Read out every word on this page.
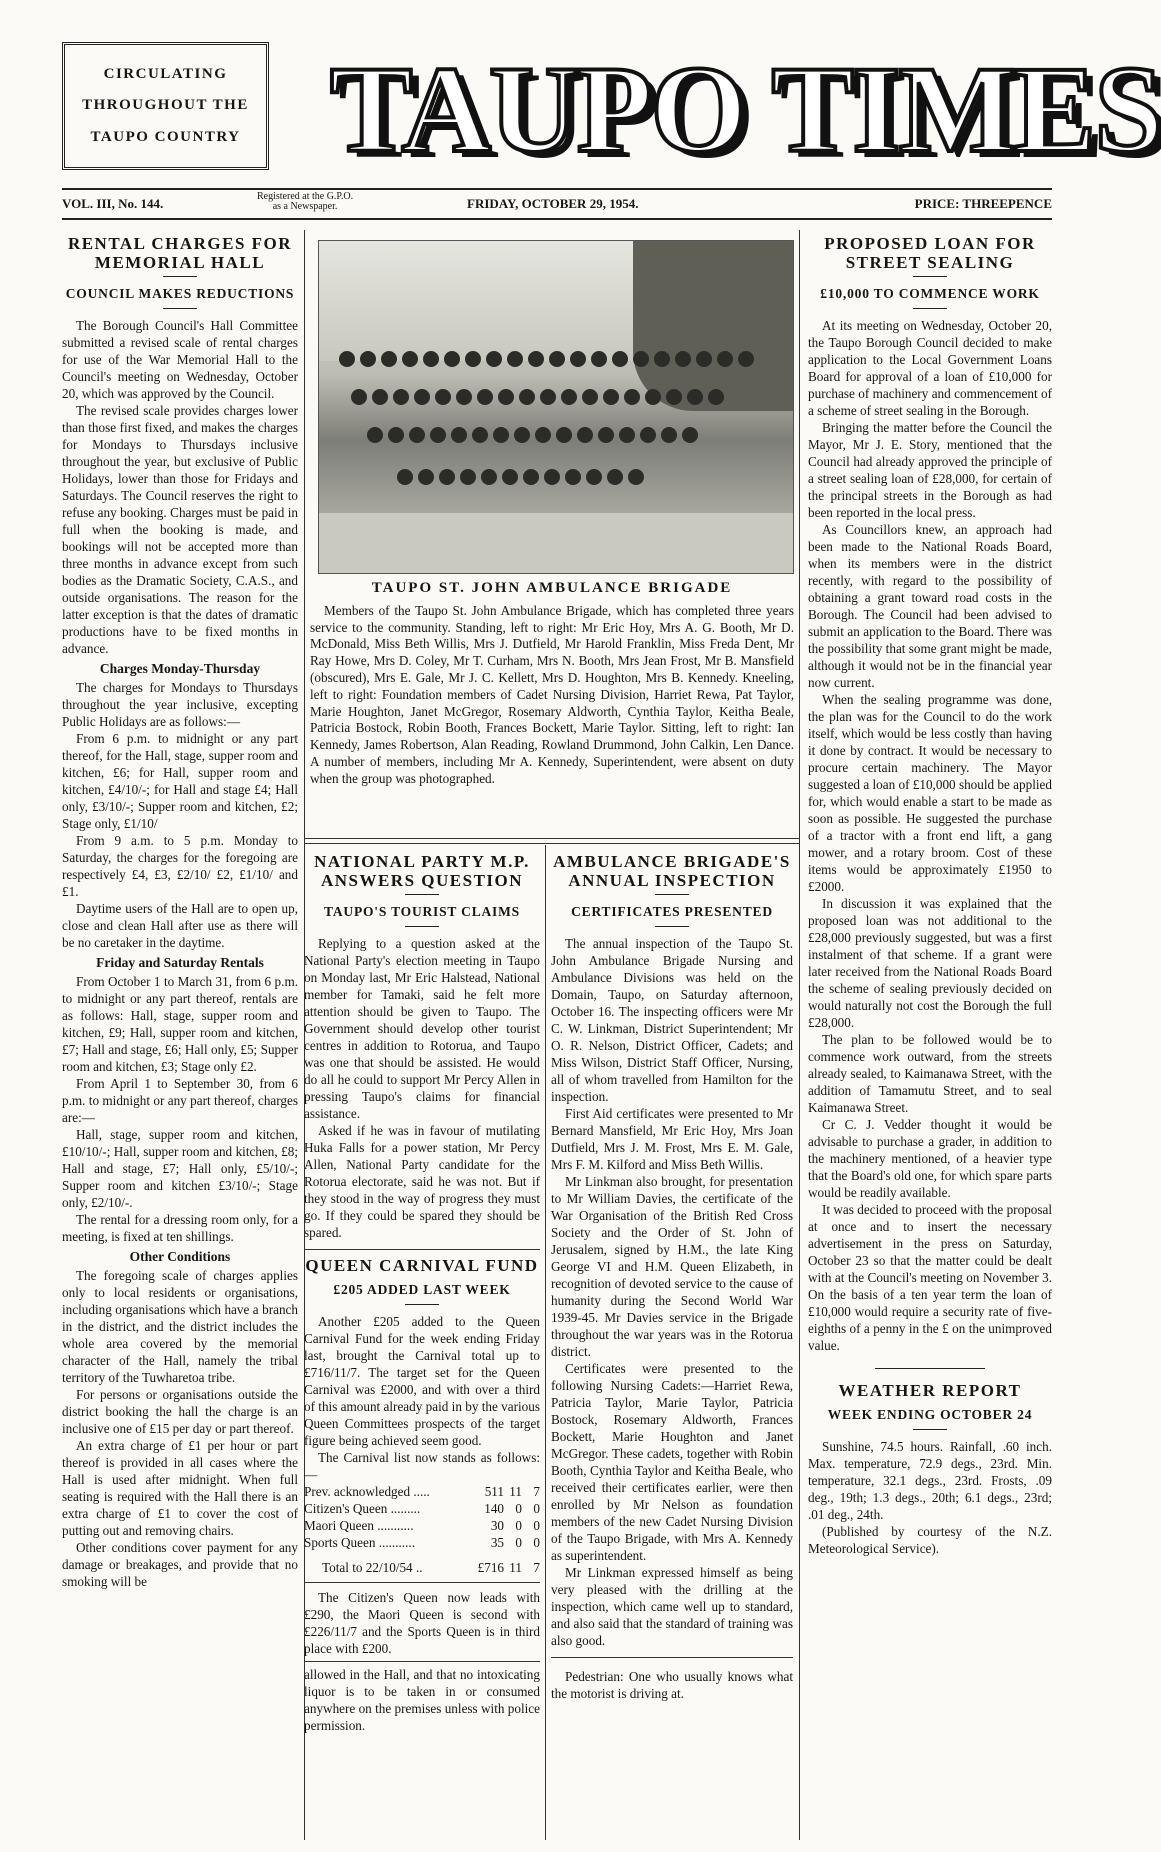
CIRCULATING
THROUGHOUT THE
TAUPO COUNTRY TAUPO TIMES
VOL. III, No. 144.	Registered at the G.P.O.
as a Newspaper.	FRIDAY, OCTOBER 29, 1954.	PRICE: THREEPENCE
RENTAL CHARGES FOR MEMORIAL HALL
COUNCIL MAKES REDUCTIONS

The Borough Council's Hall Committee submitted a revised scale of rental charges for use of the War Memorial Hall to the Council's meeting on Wednesday, October 20, which was approved by the Council.

The revised scale provides charges lower than those first fixed, and makes the charges for Mondays to Thursdays inclusive throughout the year, but exclusive of Public Holidays, lower than those for Fridays and Saturdays. The Council reserves the right to refuse any booking. Charges must be paid in full when the booking is made, and bookings will not be accepted more than three months in advance except from such bodies as the Dramatic Society, C.A.S., and outside organisations. The reason for the latter exception is that the dates of dramatic productions have to be fixed months in advance.

Charges Monday-Thursday

The charges for Mondays to Thursdays throughout the year inclusive, excepting Public Holidays are as follows:—

From 6 p.m. to midnight or any part thereof, for the Hall, stage, supper room and kitchen, £6; for Hall, supper room and kitchen, £4/10/-; for Hall and stage £4; Hall only, £3/10/-; Supper room and kitchen, £2; Stage only, £1/10/

From 9 a.m. to 5 p.m. Monday to Saturday, the charges for the foregoing are respectively £4, £3, £2/10/ £2, £1/10/ and £1.

Daytime users of the Hall are to open up, close and clean Hall after use as there will be no caretaker in the daytime.

Friday and Saturday Rentals

From October 1 to March 31, from 6 p.m. to midnight or any part thereof, rentals are as follows: Hall, stage, supper room and kitchen, £9; Hall, supper room and kitchen, £7; Hall and stage, £6; Hall only, £5; Supper room and kitchen, £3; Stage only £2.

From April 1 to September 30, from 6 p.m. to midnight or any part thereof, charges are:—

Hall, stage, supper room and kitchen, £10/10/-; Hall, supper room and kitchen, £8; Hall and stage, £7; Hall only, £5/10/-; Supper room and kitchen £3/10/-; Stage only, £2/10/-.

The rental for a dressing room only, for a meeting, is fixed at ten shillings.

Other Conditions

The foregoing scale of charges applies only to local residents or organisations, including organisations which have a branch in the district, and the district includes the whole area covered by the memorial character of the Hall, namely the tribal territory of the Tuwharetoa tribe.

For persons or organisations outside the district booking the hall the charge is an inclusive one of £15 per day or part thereof.

An extra charge of £1 per hour or part thereof is provided in all cases where the Hall is used after midnight. When full seating is required with the Hall there is an extra charge of £1 to cover the cost of putting out and removing chairs.

Other conditions cover payment for any damage or breakages, and provide that no smoking will be

TAUPO ST. JOHN AMBULANCE BRIGADE

Members of the Taupo St. John Ambulance Brigade, which has completed three years service to the community. Standing, left to right: Mr Eric Hoy, Mrs A. G. Booth, Mr D. McDonald, Miss Beth Willis, Mrs J. Dutfield, Mr Harold Franklin, Miss Freda Dent, Mr Ray Howe, Mrs D. Coley, Mr T. Curham, Mrs N. Booth, Mrs Jean Frost, Mr B. Mansfield (obscured), Mrs E. Gale, Mr J. C. Kellett, Mrs D. Houghton, Mrs B. Kennedy. Kneeling, left to right: Foundation members of Cadet Nursing Division, Harriet Rewa, Pat Taylor, Marie Houghton, Janet McGregor, Rosemary Aldworth, Cynthia Taylor, Keitha Beale, Patricia Bostock, Robin Booth, Frances Bockett, Marie Taylor. Sitting, left to right: Ian Kennedy, James Robertson, Alan Reading, Rowland Drummond, John Calkin, Len Dance. A number of members, including Mr A. Kennedy, Superintendent, were absent on duty when the group was photographed.

NATIONAL PARTY M.P. ANSWERS QUESTION
TAUPO'S TOURIST CLAIMS

Replying to a question asked at the National Party's election meeting in Taupo on Monday last, Mr Eric Halstead, National member for Tamaki, said he felt more attention should be given to Taupo. The Government should develop other tourist centres in addition to Rotorua, and Taupo was one that should be assisted. He would do all he could to support Mr Percy Allen in pressing Taupo's claims for financial assistance.

Asked if he was in favour of mutilating Huka Falls for a power station, Mr Percy Allen, National Party candidate for the Rotorua electorate, said he was not. But if they stood in the way of progress they must go. If they could be spared they should be spared.

QUEEN CARNIVAL FUND
£205 ADDED LAST WEEK

Another £205 added to the Queen Carnival Fund for the week ending Friday last, brought the Carnival total up to £716/11/7. The target set for the Queen Carnival was £2000, and with over a third of this amount already paid in by the various Queen Committees prospects of the target figure being achieved seem good.

The Carnival list now stands as follows:—

Prev. acknowledged .....	511	11	7
Citizen's Queen .........	140	0	0
Maori Queen ...........	30	0	0
Sports Queen ...........	35	0	0
Total to 22/10/54 ..	£716	11	7

The Citizen's Queen now leads with £290, the Maori Queen is second with £226/11/7 and the Sports Queen is in third place with £200.

allowed in the Hall, and that no intoxicating liquor is to be taken in or consumed anywhere on the premises unless with police permission.

AMBULANCE BRIGADE'S ANNUAL INSPECTION
CERTIFICATES PRESENTED

The annual inspection of the Taupo St. John Ambulance Brigade Nursing and Ambulance Divisions was held on the Domain, Taupo, on Saturday afternoon, October 16. The inspecting officers were Mr C. W. Linkman, District Superintendent; Mr O. R. Nelson, District Officer, Cadets; and Miss Wilson, District Staff Officer, Nursing, all of whom travelled from Hamilton for the inspection.

First Aid certificates were presented to Mr Bernard Mansfield, Mr Eric Hoy, Mrs Joan Dutfield, Mrs J. M. Frost, Mrs E. M. Gale, Mrs F. M. Kilford and Miss Beth Willis.

Mr Linkman also brought, for presentation to Mr William Davies, the certificate of the War Organisation of the British Red Cross Society and the Order of St. John of Jerusalem, signed by H.M., the late King George VI and H.M. Queen Elizabeth, in recognition of devoted service to the cause of humanity during the Second World War 1939-45. Mr Davies service in the Brigade throughout the war years was in the Rotorua district.

Certificates were presented to the following Nursing Cadets:—Harriet Rewa, Patricia Taylor, Marie Taylor, Patricia Bostock, Rosemary Aldworth, Frances Bockett, Marie Houghton and Janet McGregor. These cadets, together with Robin Booth, Cynthia Taylor and Keitha Beale, who received their certificates earlier, were then enrolled by Mr Nelson as foundation members of the new Cadet Nursing Division of the Taupo Brigade, with Mrs A. Kennedy as superintendent.

Mr Linkman expressed himself as being very pleased with the drilling at the inspection, which came well up to standard, and also said that the standard of training was also good.

Pedestrian: One who usually knows what the motorist is driving at.

PROPOSED LOAN FOR STREET SEALING
£10,000 TO COMMENCE WORK

At its meeting on Wednesday, October 20, the Taupo Borough Council decided to make application to the Local Government Loans Board for approval of a loan of £10,000 for purchase of machinery and commencement of a scheme of street sealing in the Borough.

Bringing the matter before the Council the Mayor, Mr J. E. Story, mentioned that the Council had already approved the principle of a street sealing loan of £28,000, for certain of the principal streets in the Borough as had been reported in the local press.

As Councillors knew, an approach had been made to the National Roads Board, when its members were in the district recently, with regard to the possibility of obtaining a grant toward road costs in the Borough. The Council had been advised to submit an application to the Board. There was the possibility that some grant might be made, although it would not be in the financial year now current.

When the sealing programme was done, the plan was for the Council to do the work itself, which would be less costly than having it done by contract. It would be necessary to procure certain machinery. The Mayor suggested a loan of £10,000 should be applied for, which would enable a start to be made as soon as possible. He suggested the purchase of a tractor with a front end lift, a gang mower, and a rotary broom. Cost of these items would be approximately £1950 to £2000.

In discussion it was explained that the proposed loan was not additional to the £28,000 previously suggested, but was a first instalment of that scheme. If a grant were later received from the National Roads Board the scheme of sealing previously decided on would naturally not cost the Borough the full £28,000.

The plan to be followed would be to commence work outward, from the streets already sealed, to Kaimanawa Street, with the addition of Tamamutu Street, and to seal Kaimanawa Street.

Cr C. J. Vedder thought it would be advisable to purchase a grader, in addition to the machinery mentioned, of a heavier type that the Board's old one, for which spare parts would be readily available.

It was decided to proceed with the proposal at once and to insert the necessary advertisement in the press on Saturday, October 23 so that the matter could be dealt with at the Council's meeting on November 3. On the basis of a ten year term the loan of £10,000 would require a security rate of five-eighths of a penny in the £ on the unimproved value.

WEATHER REPORT
WEEK ENDING OCTOBER 24

Sunshine, 74.5 hours. Rainfall, .60 inch. Max. temperature, 72.9 degs., 23rd. Min. temperature, 32.1 degs., 23rd. Frosts, .09 deg., 19th; 1.3 degs., 20th; 6.1 degs., 23rd; .01 deg., 24th.

(Published by courtesy of the N.Z. Meteorological Service).
